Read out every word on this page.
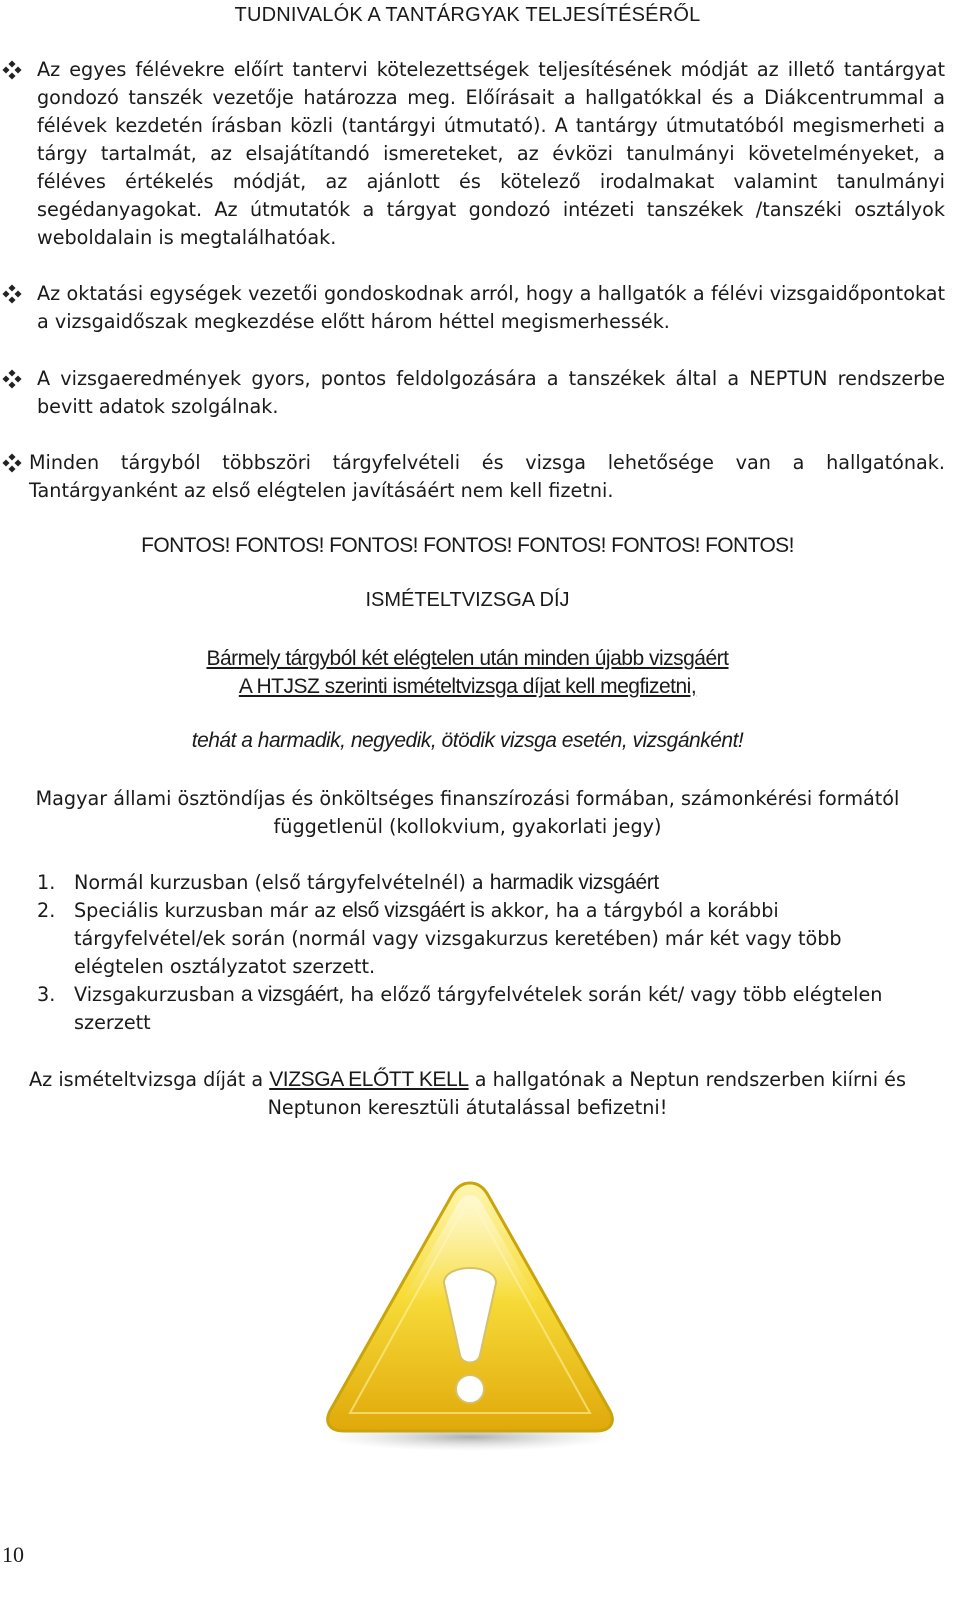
TUDNIVALÓK A TANTÁRGYAK TELJESÍTÉSÉRŐL
Az egyes félévekre előírt tantervi kötelezettségek teljesítésének módját az illető tantárgyat gondozó tanszék vezetője határozza meg. Előírásait a hallgatókkal és a Diákcentrummal a félévek kezdetén írásban közli (tantárgyi útmutató). A tantárgy útmutatóból megismerheti a tárgy tartalmát, az elsajátítandó ismereteket, az évközi tanulmányi követelményeket, a féléves értékelés módját, az ajánlott és kötelező irodalmakat valamint tanulmányi segédanyagokat. Az útmutatók a tárgyat gondozó intézeti tanszékek /tanszéki osztályok weboldalain is megtalálhatóak.
Az oktatási egységek vezetői gondoskodnak arról, hogy a hallgatók a félévi vizsgaidőpontokat a vizsgaidőszak megkezdése előtt három héttel megismerhessék.
A vizsgaeredmények gyors, pontos feldolgozására a tanszékek által a NEPTUN rendszerbe bevitt adatok szolgálnak.
Minden tárgyból többszöri tárgyfelvételi és vizsga lehetősége van a hallgatónak. Tantárgyanként az első elégtelen javításáért nem kell fizetni.
FONTOS! FONTOS! FONTOS! FONTOS! FONTOS! FONTOS! FONTOS!
ISMÉTELTVIZSGA DÍJ
Bármely tárgyból két elégtelen után minden újabb vizsgáért
A HTJSZ szerinti ismételtvizsga díjat kell megfizetni,
tehát a harmadik, negyedik, ötödik vizsga esetén, vizsgánként!
Magyar állami ösztöndíjas és önköltséges finanszírozási formában, számonkérési formától függetlenül (kollokvium, gyakorlati jegy)
1. Normál kurzusban (első tárgyfelvételnél) a harmadik vizsgáért
2. Speciális kurzusban már az első vizsgáért is akkor, ha a tárgyból a korábbi tárgyfelvétel/ek során (normál vagy vizsgakurzus keretében) már két vagy több elégtelen osztályzatot szerzett.
3. Vizsgakurzusban a vizsgáért, ha előző tárgyfelvételek során két/ vagy több elégtelen szerzett
Az ismételtvizsga díját a VIZSGA ELŐTT KELL a hallgatónak a Neptun rendszerben kiírni és Neptunon keresztüli átutalással befizetni!
10
